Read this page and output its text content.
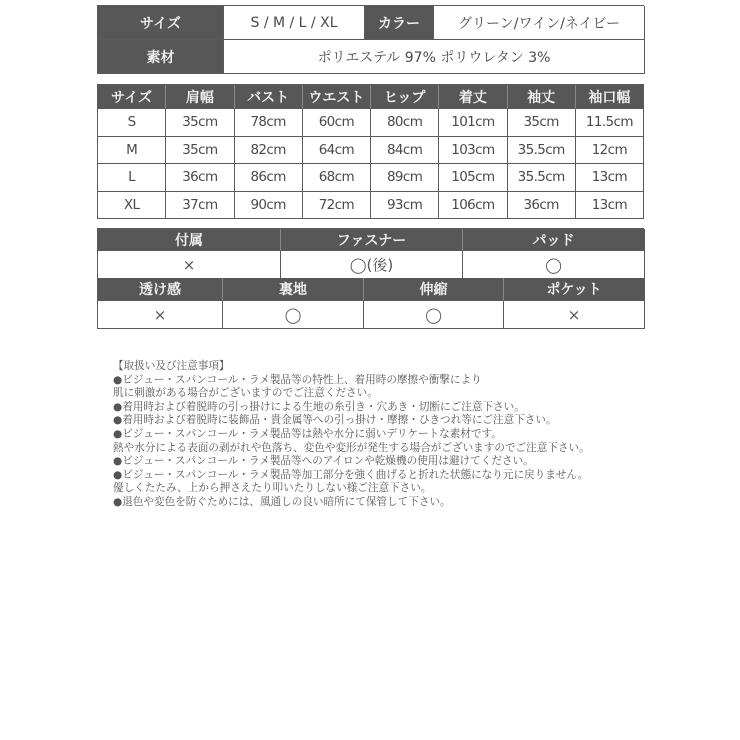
サイズ	S / M / L / XL	カラー	グリーン/ワイン/ネイビー
素材	ポリエステル 97% ポリウレタン 3%
サイズ	肩幅	バスト	ウエスト	ヒップ	着丈	袖丈	袖口幅
S	35cm	78cm	60cm	80cm	101cm	35cm	11.5cm
M	35cm	82cm	64cm	84cm	103cm	35.5cm	12cm
L	36cm	86cm	68cm	89cm	105cm	35.5cm	13cm
XL	37cm	90cm	72cm	93cm	106cm	36cm	13cm
付属	ファスナー	パッド
×	◯(後)	◯
透け感	裏地	伸縮	ポケット
×	◯	◯	×
【取扱い及び注意事項】
●ビジュー・スパンコール・ラメ製品等の特性上、着用時の摩擦や衝撃により
肌に刺激がある場合がございますのでご注意ください。
●着用時および着脱時の引っ掛けによる生地の糸引き・穴あき・切断にご注意下さい。
●着用時および着脱時に装飾品・貴金属等への引っ掛け・摩擦・ひきつれ等にご注意下さい。
●ビジュー・スパンコール・ラメ製品等は熱や水分に弱いデリケートな素材です。
熱や水分による表面の剥がれや色落ち、変色や変形が発生する場合がございますのでご注意下さい。
●ビジュー・スパンコール・ラメ製品等へのアイロンや乾燥機の使用は避けてください。
●ビジュー・スパンコール・ラメ製品等加工部分を強く曲げると折れた状態になり元に戻りません。
優しくたたみ、上から押さえたり叩いたりしない様ご注意下さい。
●退色や変色を防ぐためには、風通しの良い暗所にて保管して下さい。
